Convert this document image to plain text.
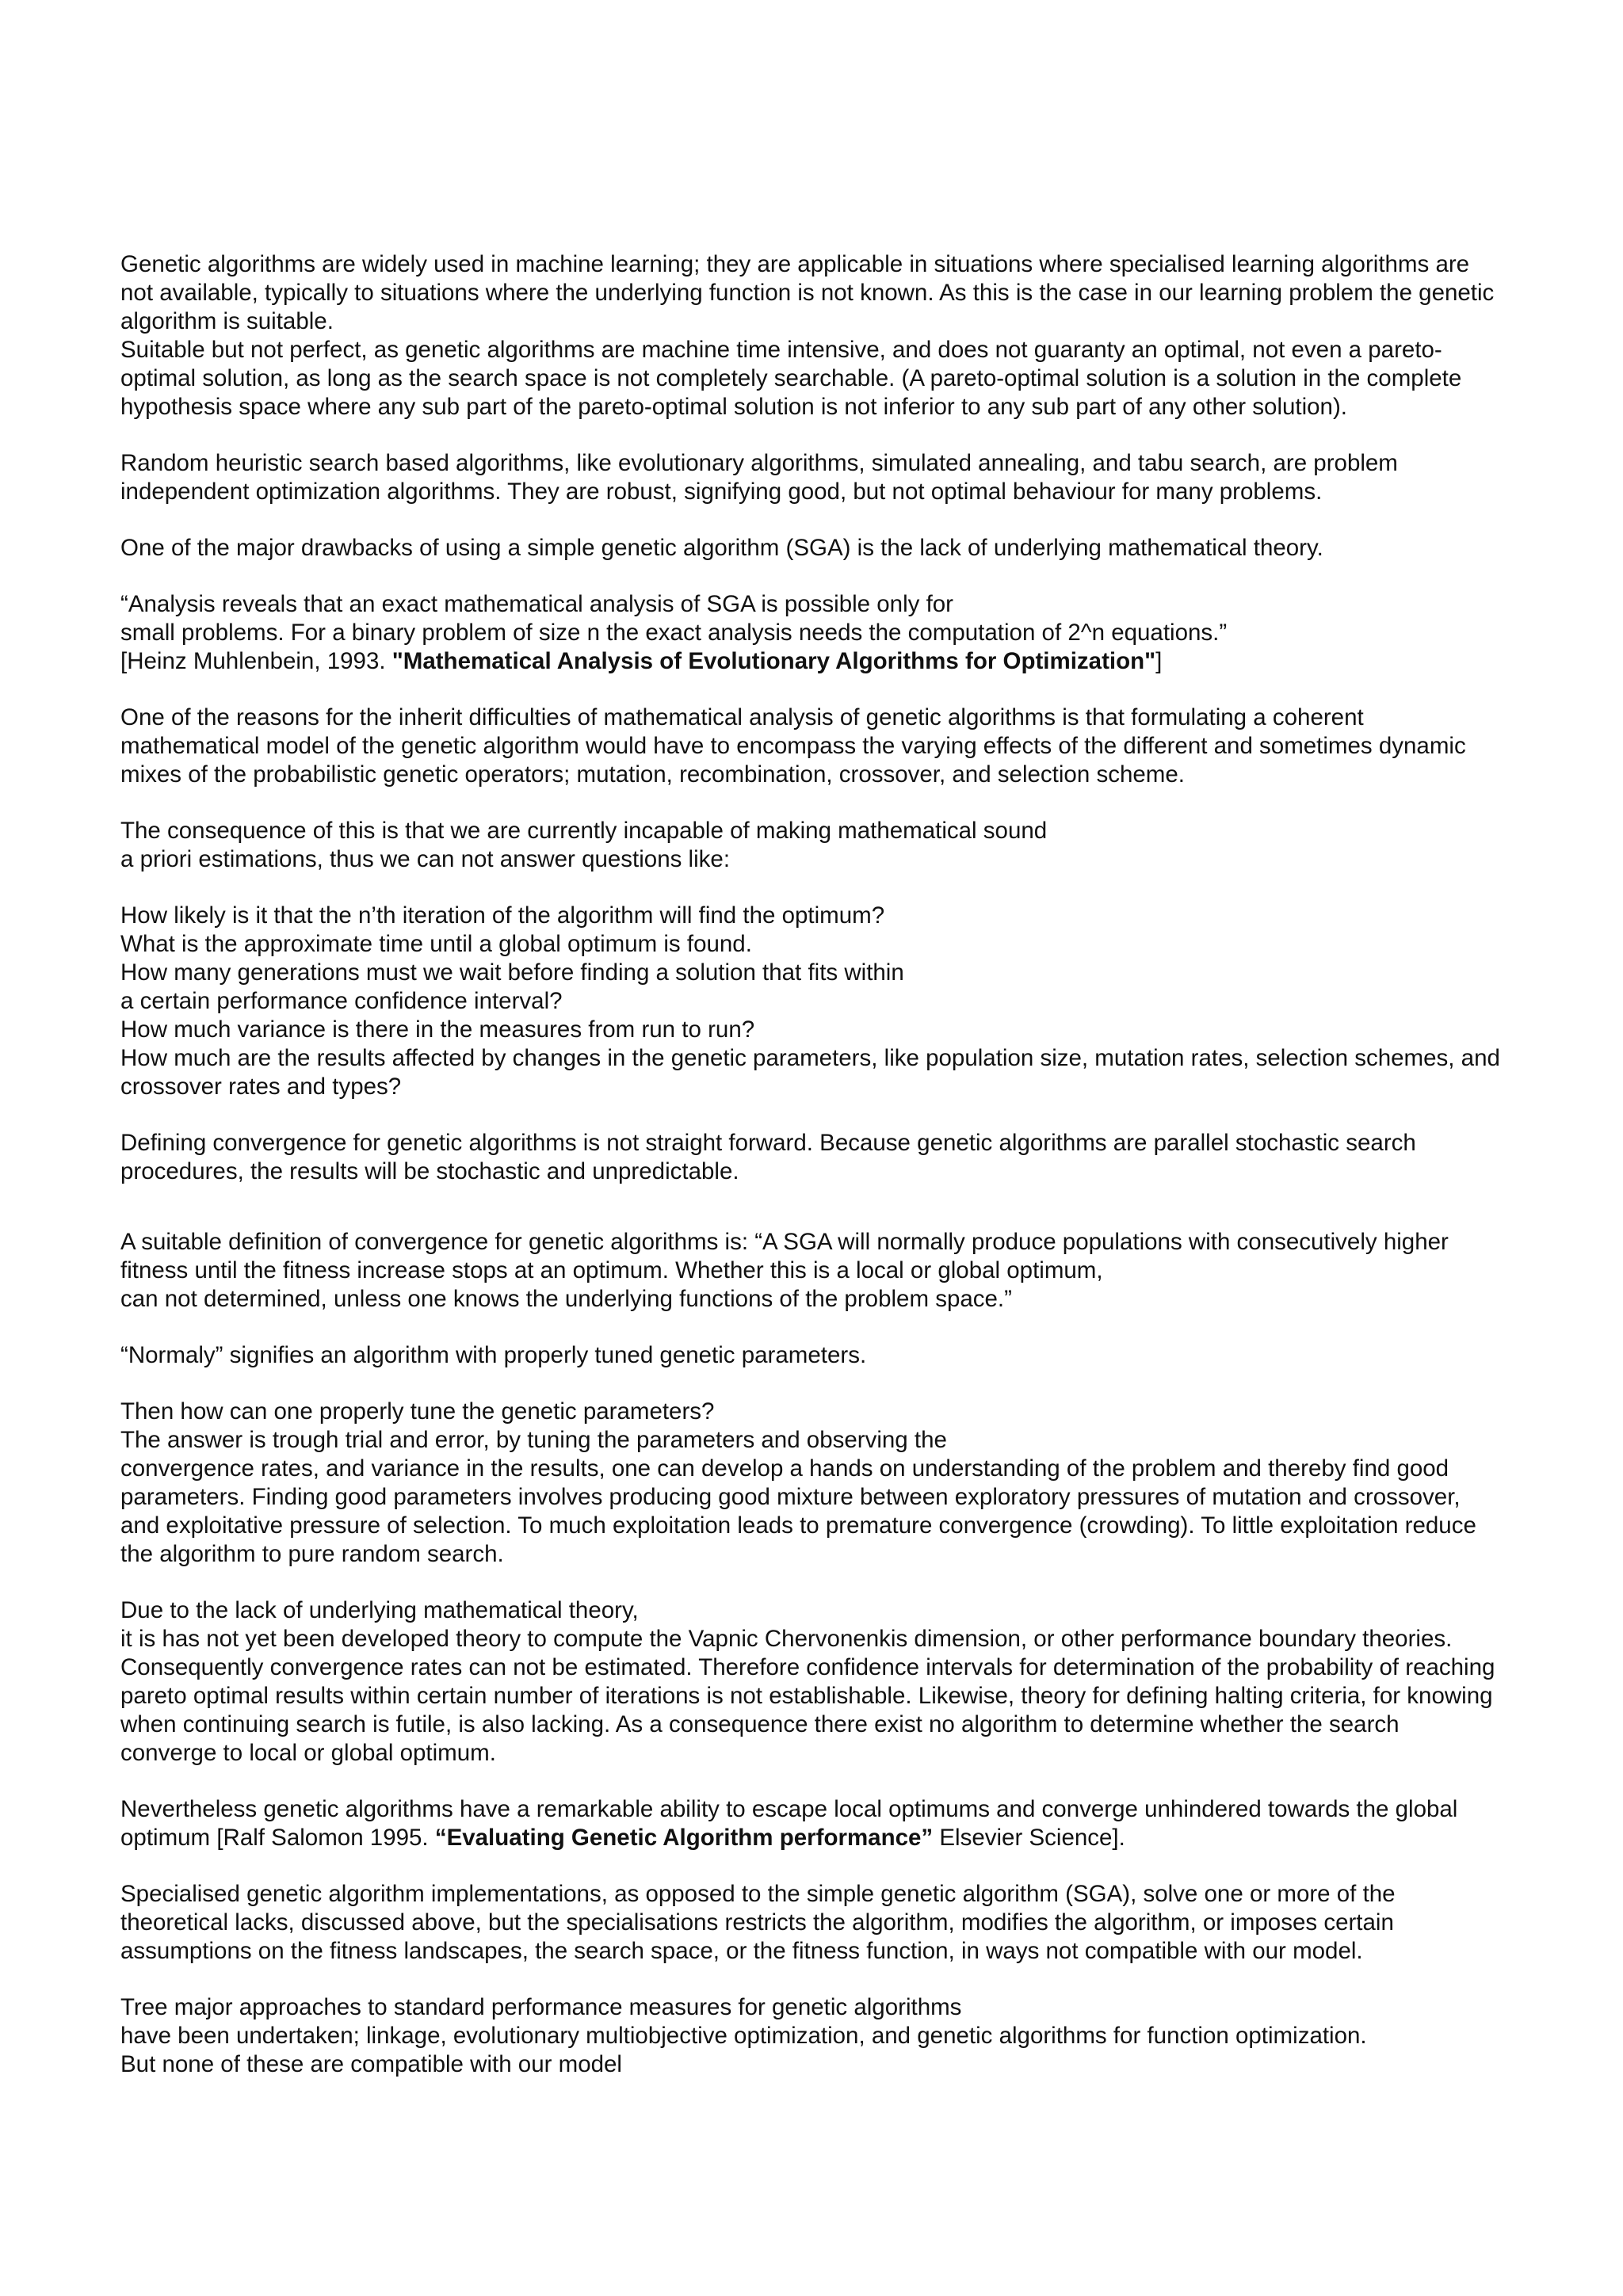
Genetic algorithms are widely used in machine learning; they are applicable in situations where specialised learning algorithms are
not available, typically to situations where the underlying function is not known. As this is the case in our learning problem the genetic
algorithm is suitable.

Suitable but not perfect, as genetic algorithms are machine time intensive, and does not guaranty an optimal, not even a pareto-
optimal solution, as long as the search space is not completely searchable. (A pareto-optimal solution is a solution in the complete
hypothesis space where any sub part of the pareto-optimal solution is not inferior to any sub part of any other solution).

Random heuristic search based algorithms, like evolutionary algorithms, simulated annealing, and tabu search, are problem
independent optimization algorithms. They are robust, signifying good, but not optimal behaviour for many problems.

One of the major drawbacks of using a simple genetic algorithm (SGA) is the lack of underlying mathematical theory.

“Analysis reveals that an exact mathematical analysis of SGA is possible only for
small problems. For a binary problem of size n the exact analysis needs the computation of 2^n equations.”
[Heinz Muhlenbein, 1993. "Mathematical Analysis of Evolutionary Algorithms for Optimization"]

One of the reasons for the inherit difficulties of mathematical analysis of genetic algorithms is that formulating a coherent
mathematical model of the genetic algorithm would have to encompass the varying effects of the different and sometimes dynamic
mixes of the probabilistic genetic operators; mutation, recombination, crossover, and selection scheme.

The consequence of this is that we are currently incapable of making mathematical sound
a priori estimations, thus we can not answer questions like:

How likely is it that the n’th iteration of the algorithm will find the optimum?
What is the approximate time until a global optimum is found.
How many generations must we wait before finding a solution that fits within
a certain performance confidence interval?
How much variance is there in the measures from run to run?
How much are the results affected by changes in the genetic parameters, like population size, mutation rates, selection schemes, and
crossover rates and types?

Defining convergence for genetic algorithms is not straight forward. Because genetic algorithms are parallel stochastic search
procedures, the results will be stochastic and unpredictable.

A suitable definition of convergence for genetic algorithms is: “A SGA will normally produce populations with consecutively higher
fitness until the fitness increase stops at an optimum. Whether this is a local or global optimum,
can not determined, unless one knows the underlying functions of the problem space.”

“Normaly” signifies an algorithm with properly tuned genetic parameters.

Then how can one properly tune the genetic parameters?
The answer is trough trial and error, by tuning the parameters and observing the
convergence rates, and variance in the results, one can develop a hands on understanding of the problem and thereby find good
parameters. Finding good parameters involves producing good mixture between exploratory pressures of mutation and crossover,
and exploitative pressure of selection. To much exploitation leads to premature convergence (crowding). To little exploitation reduce
the algorithm to pure random search.

Due to the lack of underlying mathematical theory,
it is has not yet been developed theory to compute the Vapnic Chervonenkis dimension, or other performance boundary theories.
Consequently convergence rates can not be estimated. Therefore confidence intervals for determination of the probability of reaching
pareto optimal results within certain number of iterations is not establishable. Likewise, theory for defining halting criteria, for knowing
when continuing search is futile, is also lacking. As a consequence there exist no algorithm to determine whether the search
converge to local or global optimum.

Nevertheless genetic algorithms have a remarkable ability to escape local optimums and converge unhindered towards the global
optimum [Ralf Salomon 1995. “Evaluating Genetic Algorithm performance” Elsevier Science].

Specialised genetic algorithm implementations, as opposed to the simple genetic algorithm (SGA), solve one or more of the
theoretical lacks, discussed above, but the specialisations restricts the algorithm, modifies the algorithm, or imposes certain
assumptions on the fitness landscapes, the search space, or the fitness function, in ways not compatible with our model.

Tree major approaches to standard performance measures for genetic algorithms
have been undertaken; linkage, evolutionary multiobjective optimization, and genetic algorithms for function optimization.
But none of these are compatible with our model
